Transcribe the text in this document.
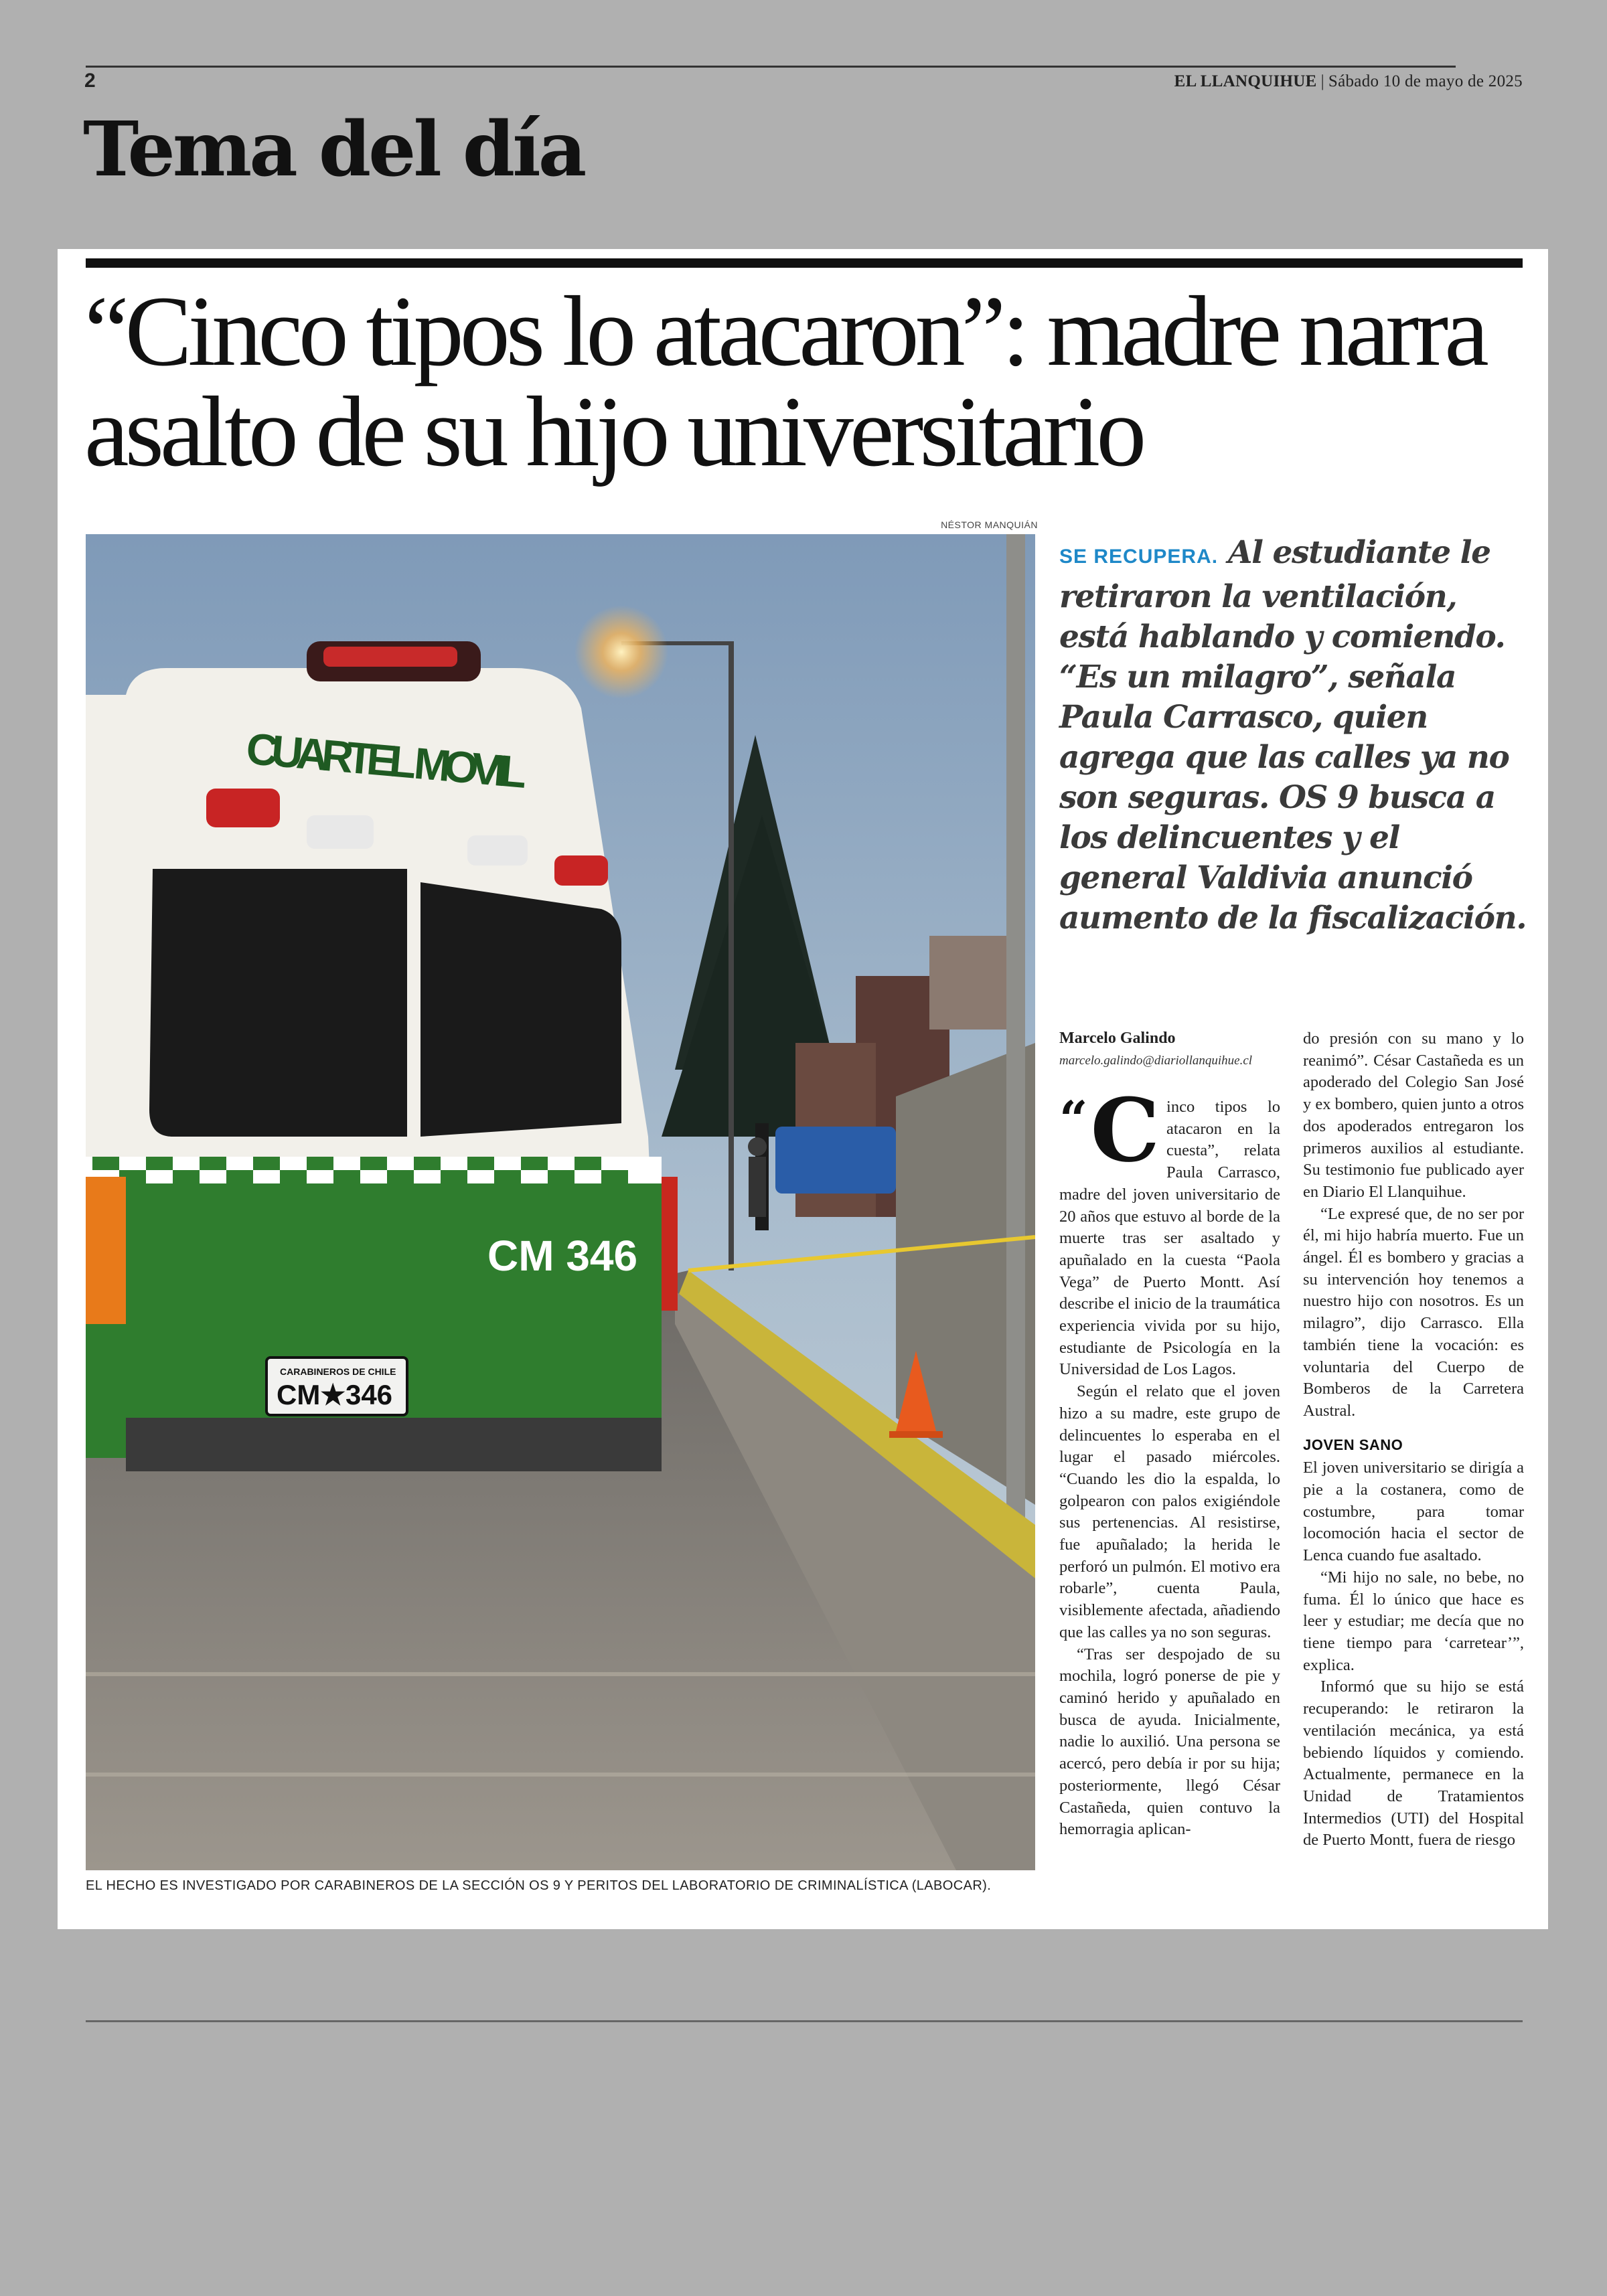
2	EL LLANQUIHUE | Sábado 10 de mayo de 2025
Tema del día
“Cinco tipos lo atacaron”: madre narra asalto de su hijo universitario
NÉSTOR MANQUIÁN
CUARTEL MOVIL
CM 346
CARABINEROS DE CHILE
CM★346
EL HECHO ES INVESTIGADO POR CARABINEROS DE LA SECCIÓN OS 9 Y PERITOS DEL LABORATORIO DE CRIMINALÍSTICA (LABOCAR).
SE RECUPERA. Al estudiante le retiraron la ventilación, está hablando y comiendo. “Es un milagro”, señala Paula Carrasco, quien agrega que las calles ya no son seguras. OS 9 busca a los delincuentes y el general Valdivia anunció aumento de la fiscalización.
Marcelo Galindo
marcelo.galindo@diariollanquihue.cl

“ C inco tipos lo atacaron en la cuesta”, relata Paula Carrasco, madre del joven universitario de 20 años que estuvo al borde de la muerte tras ser asaltado y apuñalado en la cuesta “Paola Vega” de Puerto Montt. Así describe el inicio de la traumática experiencia vivida por su hijo, estudiante de Psicología en la Universidad de Los Lagos.

Según el relato que el joven hizo a su madre, este grupo de delincuentes lo esperaba en el lugar el pasado miércoles. “Cuando les dio la espalda, lo golpearon con palos exigiéndole sus pertenencias. Al resistirse, fue apuñalado; la herida le perforó un pulmón. El motivo era robarle”, cuenta Paula, visiblemente afectada, añadiendo que las calles ya no son seguras.

“Tras ser despojado de su mochila, logró ponerse de pie y caminó herido y apuñalado en busca de ayuda. Inicialmente, nadie lo auxilió. Una persona se acercó, pero debía ir por su hija; posteriormente, llegó César Castañeda, quien contuvo la hemorragia aplican-

do presión con su mano y lo reanimó”. César Castañeda es un apoderado del Colegio San José y ex bombero, quien junto a otros dos apoderados entregaron los primeros auxilios al estudiante. Su testimonio fue publicado ayer en Diario El Llanquihue.

“Le expresé que, de no ser por él, mi hijo habría muerto. Fue un ángel. Él es bombero y gracias a su intervención hoy tenemos a nuestro hijo con nosotros. Es un milagro”, dijo Carrasco. Ella también tiene la vocación: es voluntaria del Cuerpo de Bomberos de la Carretera Austral.

JOVEN SANO

El joven universitario se dirigía a pie a la costanera, como de costumbre, para tomar locomoción hacia el sector de Lenca cuando fue asaltado.

“Mi hijo no sale, no bebe, no fuma. Él lo único que hace es leer y estudiar; me decía que no tiene tiempo para ‘carretear’”, explica.

Informó que su hijo se está recuperando: le retiraron la ventilación mecánica, ya está bebiendo líquidos y comiendo. Actualmente, permanece en la Unidad de Tratamientos Intermedios (UTI) del Hospital de Puerto Montt, fuera de riesgo
